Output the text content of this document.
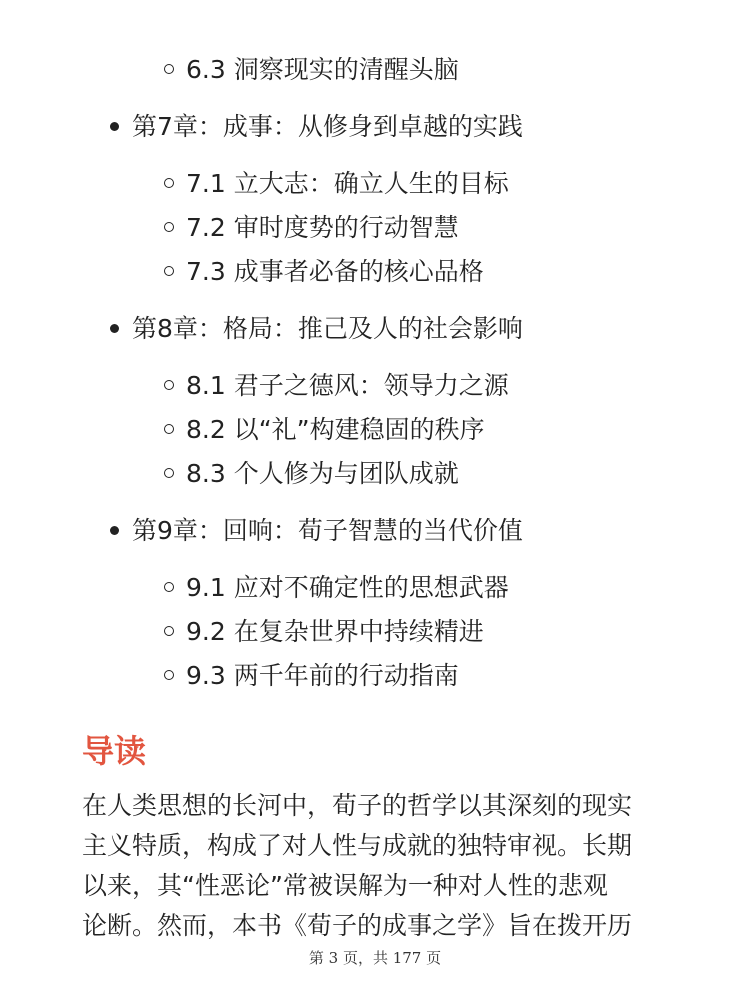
6.3 洞察现实的清醒头脑
第7章：成事：从修身到卓越的实践
7.1 立大志：确立人生的目标
7.2 审时度势的行动智慧
7.3 成事者必备的核心品格
第8章：格局：推己及人的社会影响
8.1 君子之德风：领导力之源
8.2 以“礼”构建稳固的秩序
8.3 个人修为与团队成就
第9章：回响：荀子智慧的当代价值
9.1 应对不确定性的思想武器
9.2 在复杂世界中持续精进
9.3 两千年前的行动指南
导读
在人类思想的长河中，荀子的哲学以其深刻的现实
主义特质，构成了对人性与成就的独特审视。长期
以来，其“性恶论”常被误解为一种对人性的悲观
论断。然而，本书《荀子的成事之学》旨在拨开历
第 3 页，共 177 页
